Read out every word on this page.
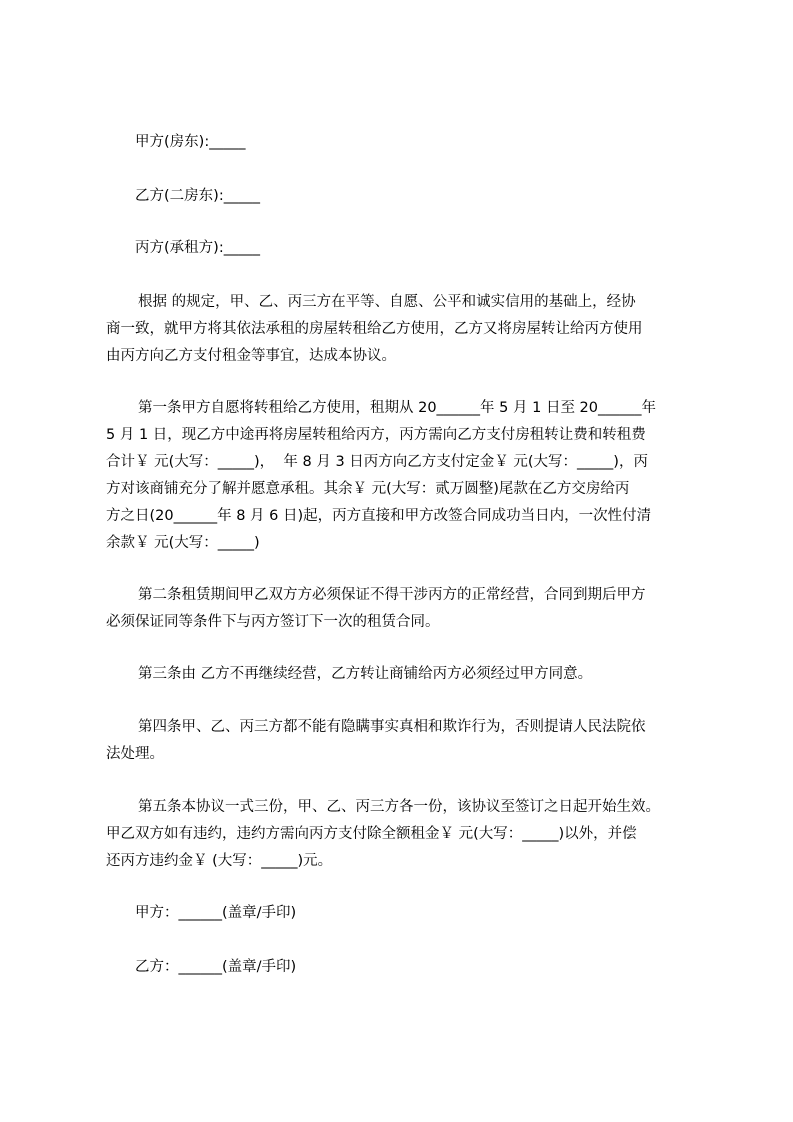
甲方(房东):_____
乙方(二房东):_____
丙方(承租方):_____
根据 的规定，甲、乙、丙三方在平等、自愿、公平和诚实信用的基础上，经协
商一致，就甲方将其依法承租的房屋转租给乙方使用，乙方又将房屋转让给丙方使用
由丙方向乙方支付租金等事宜，达成本协议。
第一条甲方自愿将转租给乙方使用，租期从 20______年 5 月 1 日至 20______年
5 月 1 日，现乙方中途再将房屋转租给丙方，丙方需向乙方支付房租转让费和转租费
合计￥ 元(大写：_____)，  年 8 月 3 日丙方向乙方支付定金￥ 元(大写：_____)，丙
方对该商铺充分了解并愿意承租。其余￥ 元(大写：贰万圆整)尾款在乙方交房给丙
方之日(20______年 8 月 6 日)起，丙方直接和甲方改签合同成功当日内，一次性付清
余款￥ 元(大写：_____)
第二条租赁期间甲乙双方方必须保证不得干涉丙方的正常经营，合同到期后甲方
必须保证同等条件下与丙方签订下一次的租赁合同。
第三条由 乙方不再继续经营，乙方转让商铺给丙方必须经过甲方同意。
第四条甲、乙、丙三方都不能有隐瞒事实真相和欺诈行为，否则提请人民法院依
法处理。
第五条本协议一式三份，甲、乙、丙三方各一份，该协议至签订之日起开始生效。
甲乙双方如有违约，违约方需向丙方支付除全额租金￥ 元(大写：_____)以外，并偿
还丙方违约金￥ (大写：_____)元。
甲方：______(盖章/手印)
乙方：______(盖章/手印)
